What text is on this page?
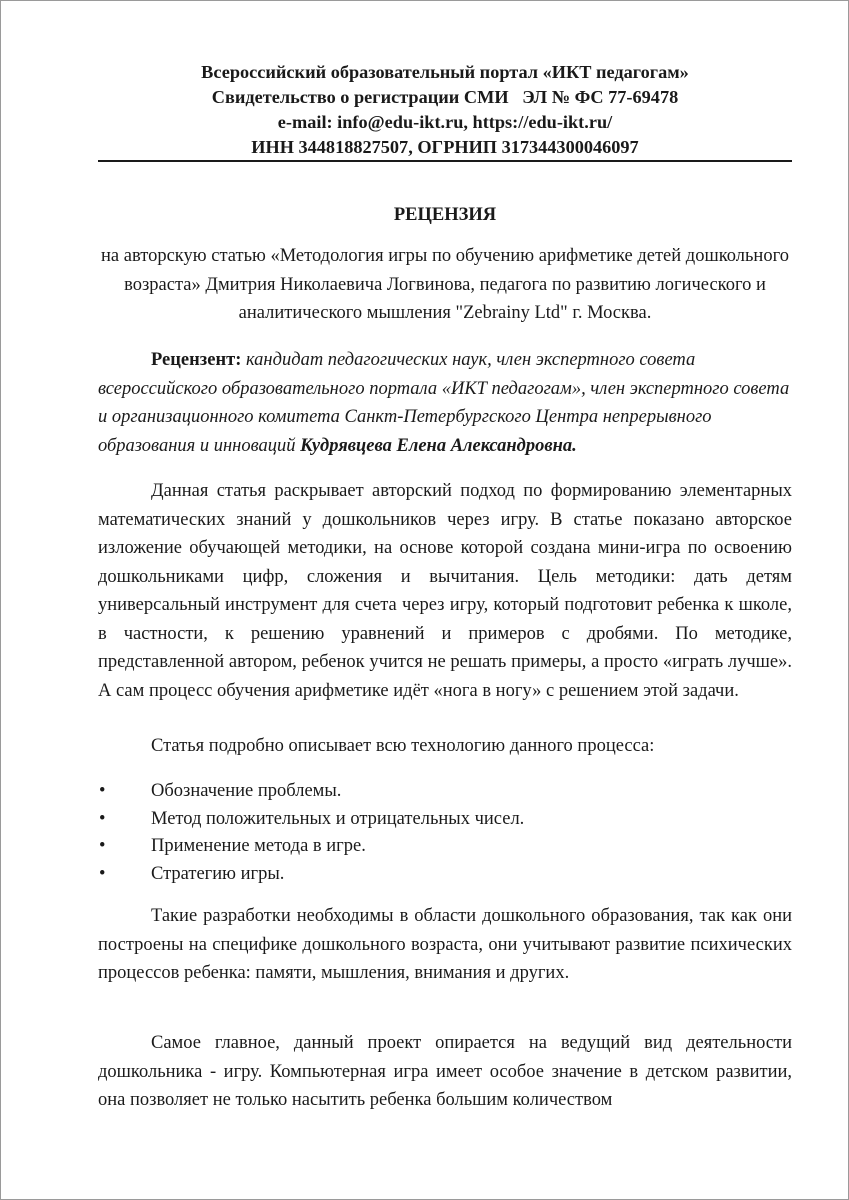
Всероссийский образовательный портал «ИКТ педагогам»
Свидетельство о регистрации СМИ   ЭЛ № ФС 77-69478
e-mail: info@edu-ikt.ru, https://edu-ikt.ru/
ИНН 344818827507, ОГРНИП 317344300046097
РЕЦЕНЗИЯ
на авторскую статью «Методология игры по обучению арифметике детей дошкольного возраста» Дмитрия Николаевича Логвинова, педагога по развитию логического и аналитического мышления "Zebrainy Ltd" г. Москва.
Рецензент: кандидат педагогических наук, член экспертного совета всероссийского образовательного портала «ИКТ педагогам», член экспертного совета и организационного комитета Санкт-Петербургского Центра непрерывного образования и инноваций Кудрявцева Елена Александровна.

Данная статья раскрывает авторский подход по формированию элементарных математических знаний у дошкольников через игру. В статье показано авторское изложение обучающей методики, на основе которой создана мини-игра по освоению дошкольниками цифр, сложения и вычитания. Цель методики: дать детям универсальный инструмент для счета через игру, который подготовит ребенка к школе, в частности, к решению уравнений и примеров с дробями. По методике, представленной автором, ребенок учится не решать примеры, а просто «играть лучше». А сам процесс обучения арифметике идёт «нога в ногу» с решением этой задачи.

Статья подробно описывает всю технологию данного процесса:

• Обозначение проблемы.
• Метод положительных и отрицательных чисел.
• Применение метода в игре.
• Стратегию игры.

Такие разработки необходимы в области дошкольного образования, так как они построены на специфике дошкольного возраста, они учитывают развитие психических процессов ребенка: памяти, мышления, внимания и других.

Самое главное, данный проект опирается на ведущий вид деятельности дошкольника - игру. Компьютерная игра имеет особое значение в детском развитии, она позволяет не только насытить ребенка большим количеством
